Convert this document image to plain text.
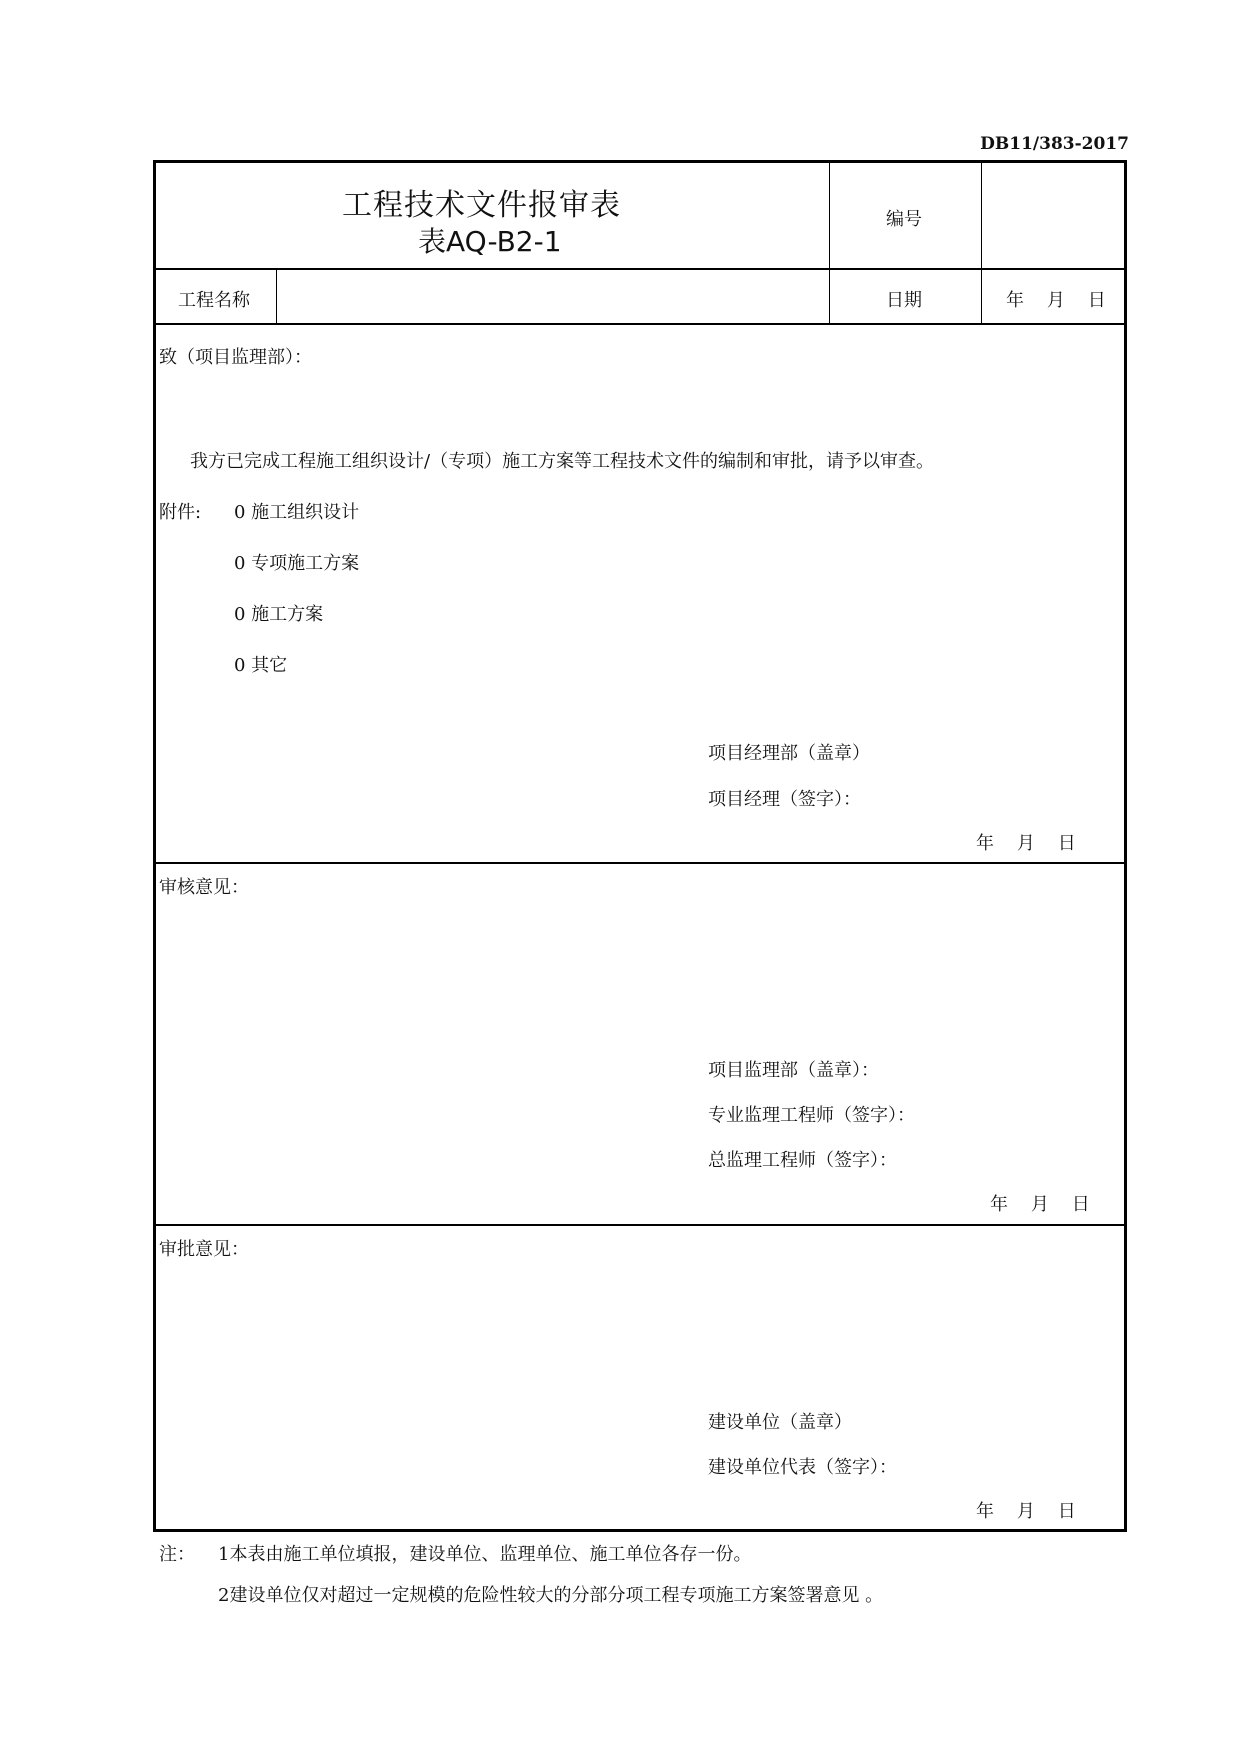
DB11/383-2017
工程技术文件报审表
表AQ-B2-1
编号
工程名称	日期	年    月    日
致（项目监理部）：
我方已完成工程施工组织设计/（专项）施工方案等工程技术文件的编制和审批，请予以审查。
附件: 0 施工组织设计
0 专项施工方案
0 施工方案
0 其它
项目经理部（盖章）
项目经理（签字）：
年    月    日
审核意见：
项目监理部（盖章）：
专业监理工程师（签字）：
总监理工程师（签字）：
年    月    日
审批意见：
建设单位（盖章）
建设单位代表（签字）：
年    月    日
注： 1本表由施工单位填报，建设单位、监理单位、施工单位各存一份。
2建设单位仅对超过一定规模的危险性较大的分部分项工程专项施工方案签署意见 。
